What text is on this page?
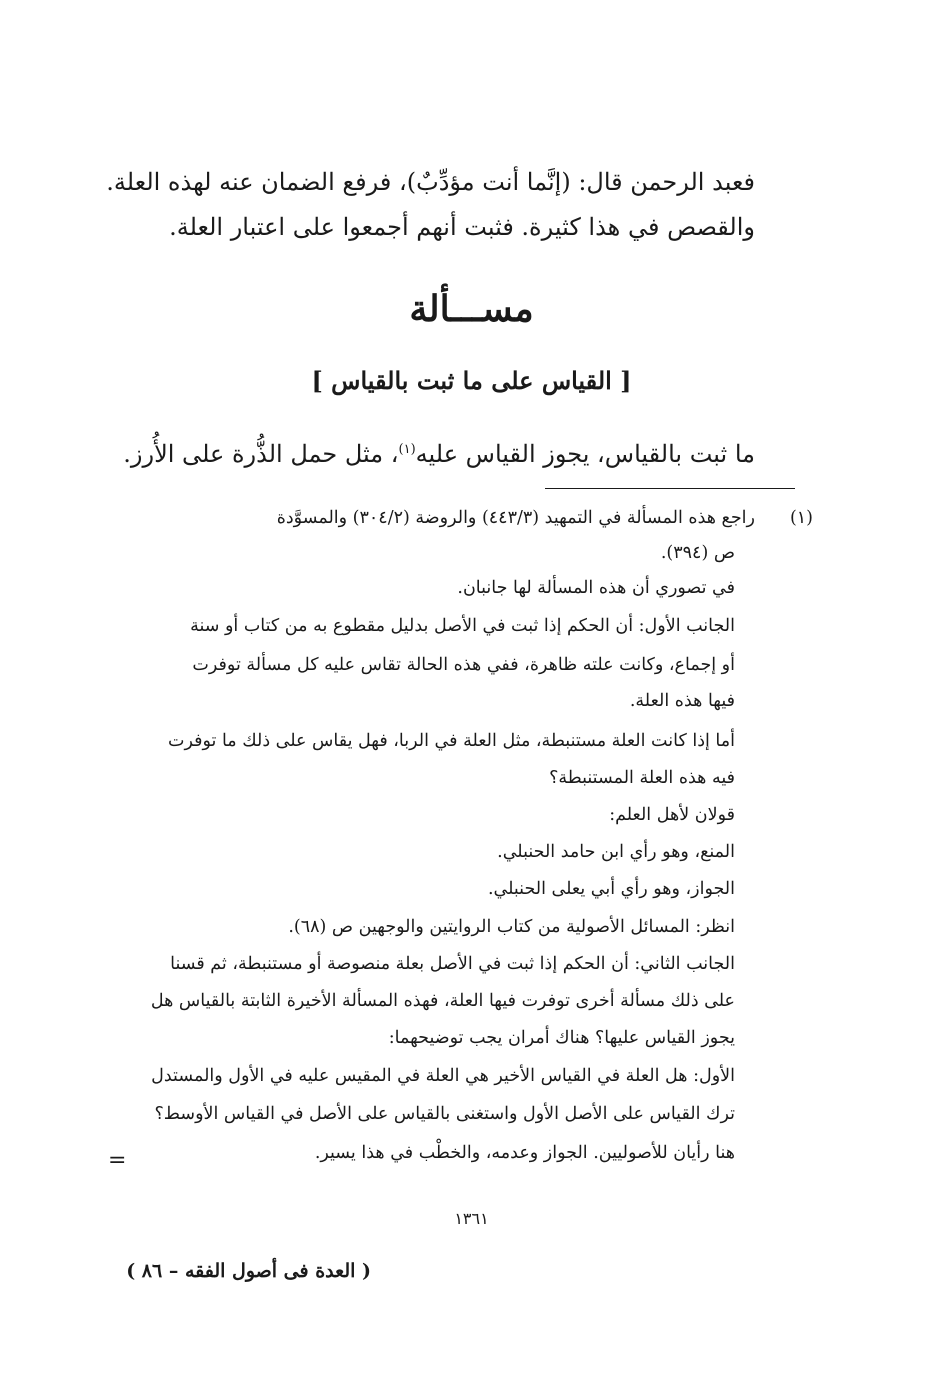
فعبد الرحمن قال: (إنَّما أنت مؤدِّبٌ)، فرفع الضمان عنه لهذه العلة.
والقصص في هذا كثيرة. فثبت أنهم أجمعوا على اعتبار العلة.
مســـألة
[ القياس على ما ثبت بالقياس ]
ما ثبت بالقياس، يجوز القياس عليه$^{(١)}$، مثل حمل الذُّرة على الأُرز.
(١)
راجع هذه المسألة في التمهيد (٤٤٣/٣) والروضة (٣٠٤/٢) والمسوَّدة
ص (٣٩٤).
في تصوري أن هذه المسألة لها جانبان.
الجانب الأول: أن الحكم إذا ثبت في الأصل بدليل مقطوع به من كتاب أو سنة
أو إجماع، وكانت علته ظاهرة، ففي هذه الحالة تقاس عليه كل مسألة توفرت
فيها هذه العلة.
أما إذا كانت العلة مستنبطة، مثل العلة في الربا، فهل يقاس على ذلك ما توفرت
فيه هذه العلة المستنبطة؟
قولان لأهل العلم:
المنع، وهو رأي ابن حامد الحنبلي.
الجواز، وهو رأي أبي يعلى الحنبلي.
انظر: المسائل الأصولية من كتاب الروايتين والوجهين ص (٦٨).
الجانب الثاني: أن الحكم إذا ثبت في الأصل بعلة منصوصة أو مستنبطة، ثم قسنا
على ذلك مسألة أخرى توفرت فيها العلة، فهذه المسألة الأخيرة الثابتة بالقياس هل
يجوز القياس عليها؟ هناك أمران يجب توضيحهما:
الأول: هل العلة في القياس الأخير هي العلة في المقيس عليه في الأول والمستدل
ترك القياس على الأصل الأول واستغنى بالقياس على الأصل في القياس الأوسط؟
هنا رأيان للأصوليين. الجواز وعدمه، والخطْب في هذا يسير.
=
١٣٦١
( العدة فى أصول الفقه – ٨٦ )
